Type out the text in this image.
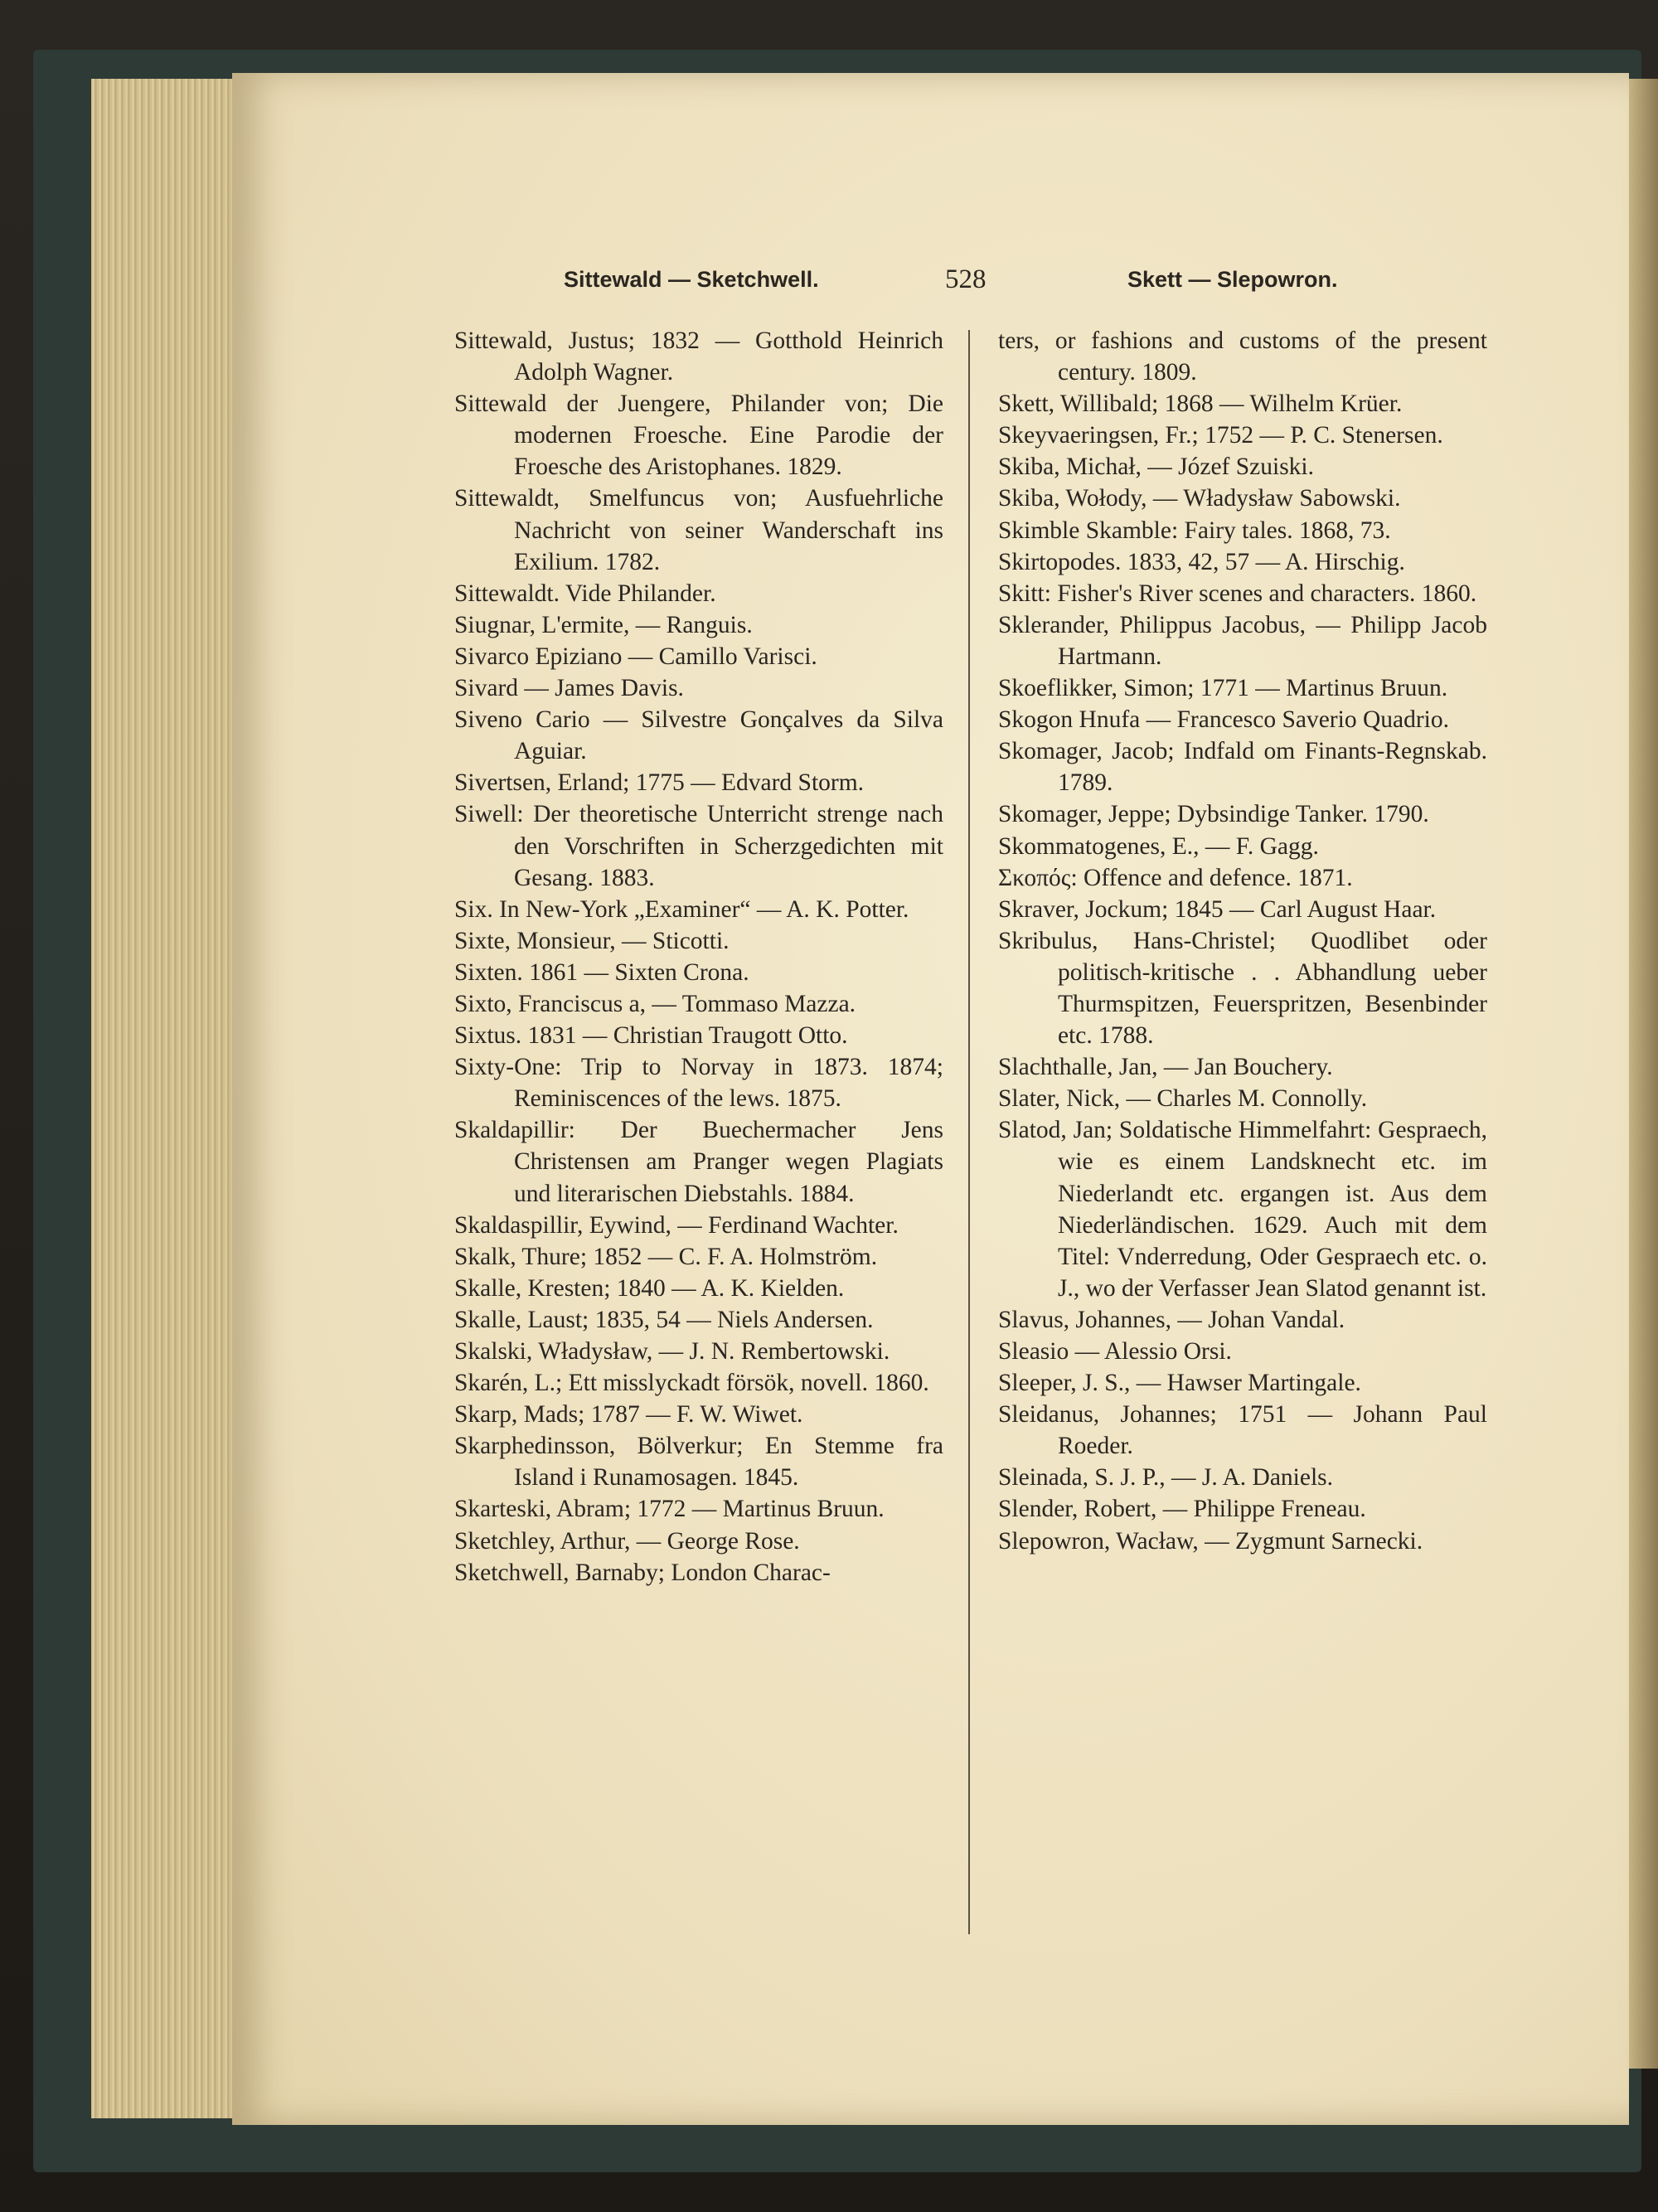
Sittewald — Sketchwell.	528	Skett — Slepowron.

Sittewald, Justus; 1832 — Gotthold Heinrich Adolph Wagner.

Sittewald der Juengere, Philander von; Die modernen Froesche. Eine Parodie der Froesche des Aristophanes. 1829.

Sittewaldt, Smelfuncus von; Ausfuehrliche Nachricht von seiner Wanderschaft ins Exilium. 1782.

Sittewaldt. Vide Philander.

Siugnar, L'ermite, — Ranguis.

Sivarco Epiziano — Camillo Varisci.

Sivard — James Davis.

Siveno Cario — Silvestre Gonçalves da Silva Aguiar.

Sivertsen, Erland; 1775 — Edvard Storm.

Siwell: Der theoretische Unterricht strenge nach den Vorschriften in Scherzgedichten mit Gesang. 1883.

Six. In New-York „Examiner“ — A. K. Potter.

Sixte, Monsieur, — Sticotti.

Sixten. 1861 — Sixten Crona.

Sixto, Franciscus a, — Tommaso Mazza.

Sixtus. 1831 — Christian Traugott Otto.

Sixty-One: Trip to Norvay in 1873. 1874; Reminiscences of the lews. 1875.

Skaldapillir: Der Buechermacher Jens Christensen am Pranger wegen Plagiats und literarischen Diebstahls. 1884.

Skaldaspillir, Eywind, — Ferdinand Wachter.

Skalk, Thure; 1852 — C. F. A. Holmström.

Skalle, Kresten; 1840 — A. K. Kielden.

Skalle, Laust; 1835, 54 — Niels Andersen.

Skalski, Władysław, — J. N. Rembertowski.

Skarén, L.; Ett misslyckadt försök, novell. 1860.

Skarp, Mads; 1787 — F. W. Wiwet.

Skarphedinsson, Bölverkur; En Stemme fra Island i Runamosagen. 1845.

Skarteski, Abram; 1772 — Martinus Bruun.

Sketchley, Arthur, — George Rose.

Sketchwell, Barnaby; London Charac-

ters, or fashions and customs of the present century. 1809.

Skett, Willibald; 1868 — Wilhelm Krüer.

Skeyvaeringsen, Fr.; 1752 — P. C. Stenersen.

Skiba, Michał, — Józef Szuiski.

Skiba, Wołody, — Władysław Sabowski.

Skimble Skamble: Fairy tales. 1868, 73.

Skirtopodes. 1833, 42, 57 — A. Hirschig.

Skitt: Fisher's River scenes and characters. 1860.

Sklerander, Philippus Jacobus, — Philipp Jacob Hartmann.

Skoeflikker, Simon; 1771 — Martinus Bruun.

Skogon Hnufa — Francesco Saverio Quadrio.

Skomager, Jacob; Indfald om Finants-Regnskab. 1789.

Skomager, Jeppe; Dybsindige Tanker. 1790.

Skommatogenes, E., — F. Gagg.

Σκοπός: Offence and defence. 1871.

Skraver, Jockum; 1845 — Carl August Haar.

Skribulus, Hans-Christel; Quodlibet oder politisch-kritische . . Abhandlung ueber Thurmspitzen, Feuerspritzen, Besenbinder etc. 1788.

Slachthalle, Jan, — Jan Bouchery.

Slater, Nick, — Charles M. Connolly.

Slatod, Jan; Soldatische Himmelfahrt: Gespraech, wie es einem Landsknecht etc. im Niederlandt etc. ergangen ist. Aus dem Niederländischen. 1629. Auch mit dem Titel: Vnderredung, Oder Gespraech etc. o. J., wo der Verfasser Jean Slatod genannt ist.

Slavus, Johannes, — Johan Vandal.

Sleasio — Alessio Orsi.

Sleeper, J. S., — Hawser Martingale.

Sleidanus, Johannes; 1751 — Johann Paul Roeder.

Sleinada, S. J. P., — J. A. Daniels.

Slender, Robert, — Philippe Freneau.

Slepowron, Wacław, — Zygmunt Sarnecki.
